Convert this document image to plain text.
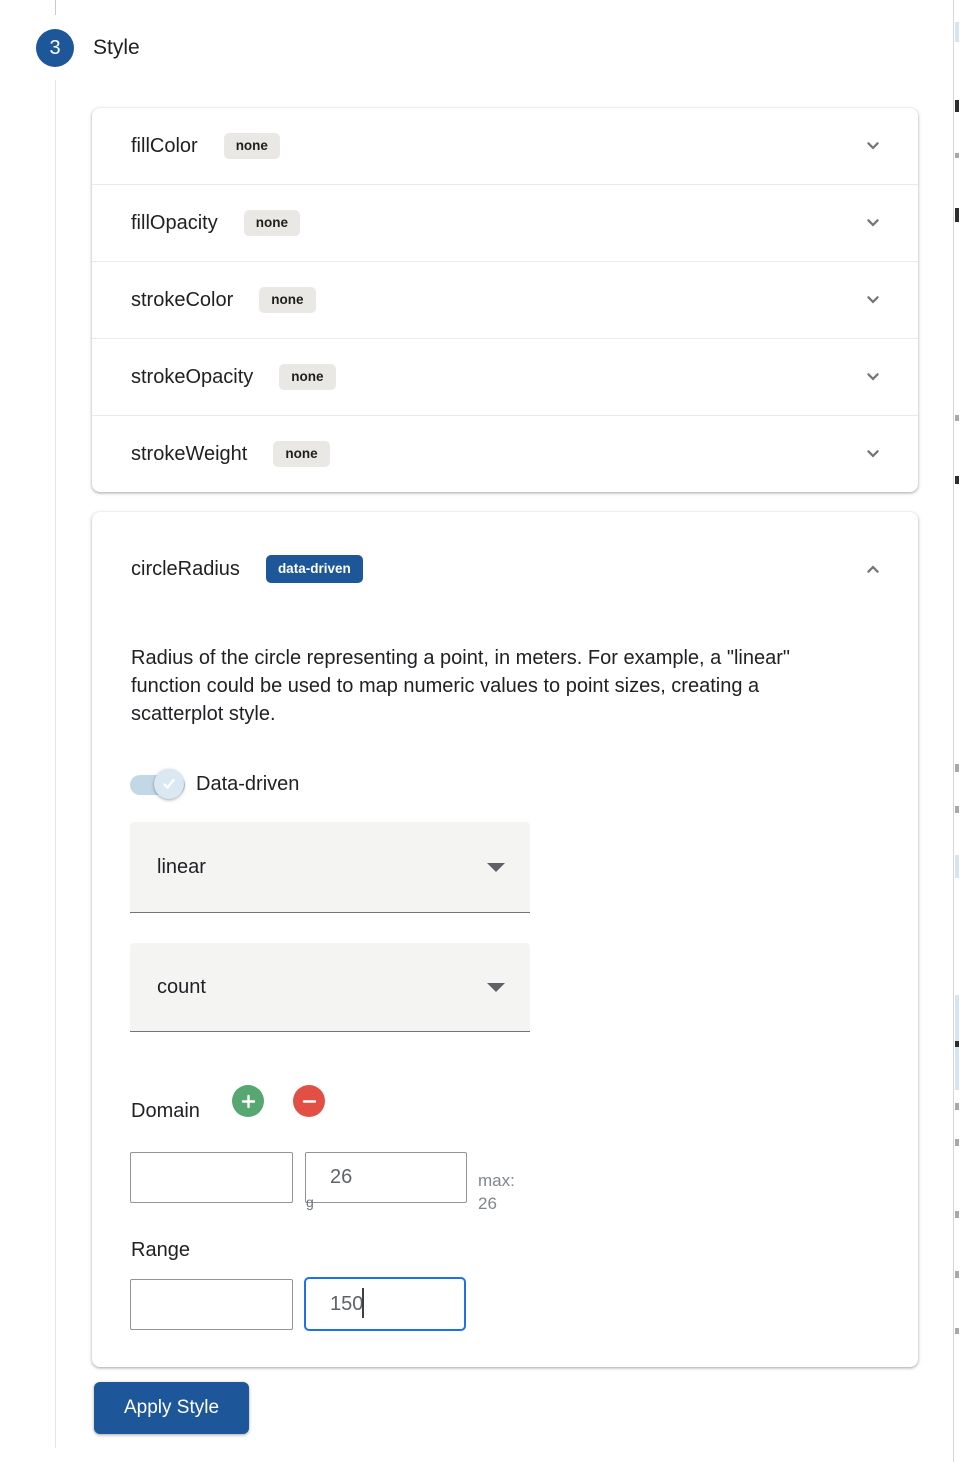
3 Style
fillColor	none
fillOpacity	none
strokeColor	none
strokeOpacity	none
strokeWeight	none
circleRadius	data-driven
Radius of the circle representing a point, in meters. For example, a "linear" function could be used to map numeric values to point sizes, creating a scatterplot style.
Data-driven
linear
count
Domain
26
ɡ
max:
26
Range
150
Apply Style
